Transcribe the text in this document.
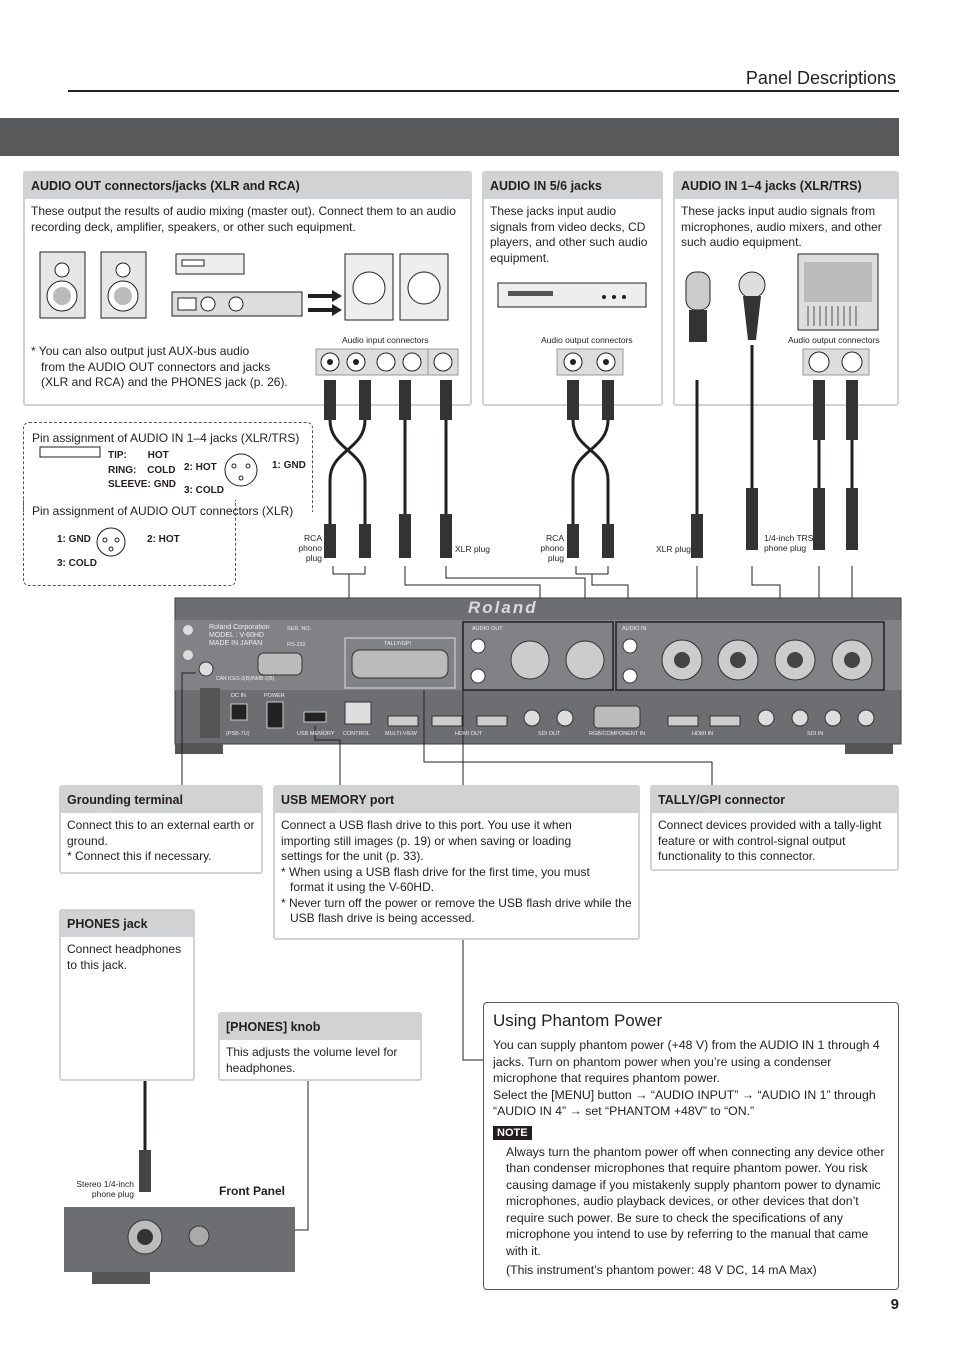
Panel Descriptions
AUDIO OUT connectors/jacks (XLR and RCA)
These output the results of audio mixing (master out). Connect them to an audio recording deck, amplifier, speakers, or other such equipment.
* You can also output just AUX-bus audio
from the AUDIO OUT connectors and jacks
(XLR and RCA) and the PHONES jack (p. 26).
AUDIO IN 5/6 jacks
These jacks input audio signals from video decks, CD players, and other such audio equipment.
AUDIO IN 1–4 jacks (XLR/TRS)
These jacks input audio signals from microphones, audio mixers, and other such audio equipment.
Audio input connectors	Audio output connectors	Audio output connectors
Pin assignment of AUDIO IN 1–4 jacks (XLR/TRS)
TIP: HOT
RING: COLD
SLEEVE: GND
2: HOT	1: GND
3: COLD
Pin assignment of AUDIO OUT connectors (XLR)
1: GND	2: HOT
3: COLD
RCA
phono plug
XLR plug
RCA
phono plug
XLR plug
1/4-inch TRS
phone plug
Roland
Roland Corporation
MODEL : V-60HD
MADE IN JAPAN
SER. NO.
CAN ICES-3(B)/NMB-3(B)
RS-232	TALLY/GPI
DC IN	POWER
(PSB-7U)	USB MEMORY CONTROL	MULTI-VIEW	HDMI OUT	SDI OUT	RGB/COMPONENT IN	HDMI IN	SDI IN
AUDIO OUT	AUDIO IN
Grounding terminal
Connect this to an external earth or ground.
* Connect this if necessary.
USB MEMORY port
Connect a USB flash drive to this port. You use it when importing still images (p. 19) or when saving or loading settings for the unit (p. 33).
* When using a USB flash drive for the first time, you must
format it using the V-60HD.
* Never turn off the power or remove the USB flash drive while the
USB flash drive is being accessed.
TALLY/GPI connector
Connect devices provided with a tally-light feature or with control-signal output functionality to this connector.
PHONES jack
Connect headphones to this jack.
[PHONES] knob
This adjusts the volume level for headphones.
Stereo 1/4-inch
phone plug	Front Panel
Using Phantom Power

You can supply phantom power (+48 V) from the AUDIO IN 1 through 4 jacks. Turn on phantom power when you’re using a condenser microphone that requires phantom power.

Select the [MENU] button → “AUDIO INPUT” → “AUDIO IN 1” through “AUDIO IN 4” → set “PHANTOM +48V” to “ON.”

NOTE

Always turn the phantom power off when connecting any device other than condenser microphones that require phantom power. You risk causing damage if you mistakenly supply phantom power to dynamic microphones, audio playback devices, or other devices that don’t require such power. Be sure to check the specifications of any microphone you intend to use by referring to the manual that came with it.

(This instrument’s phantom power: 48 V DC, 14 mA Max)

9
